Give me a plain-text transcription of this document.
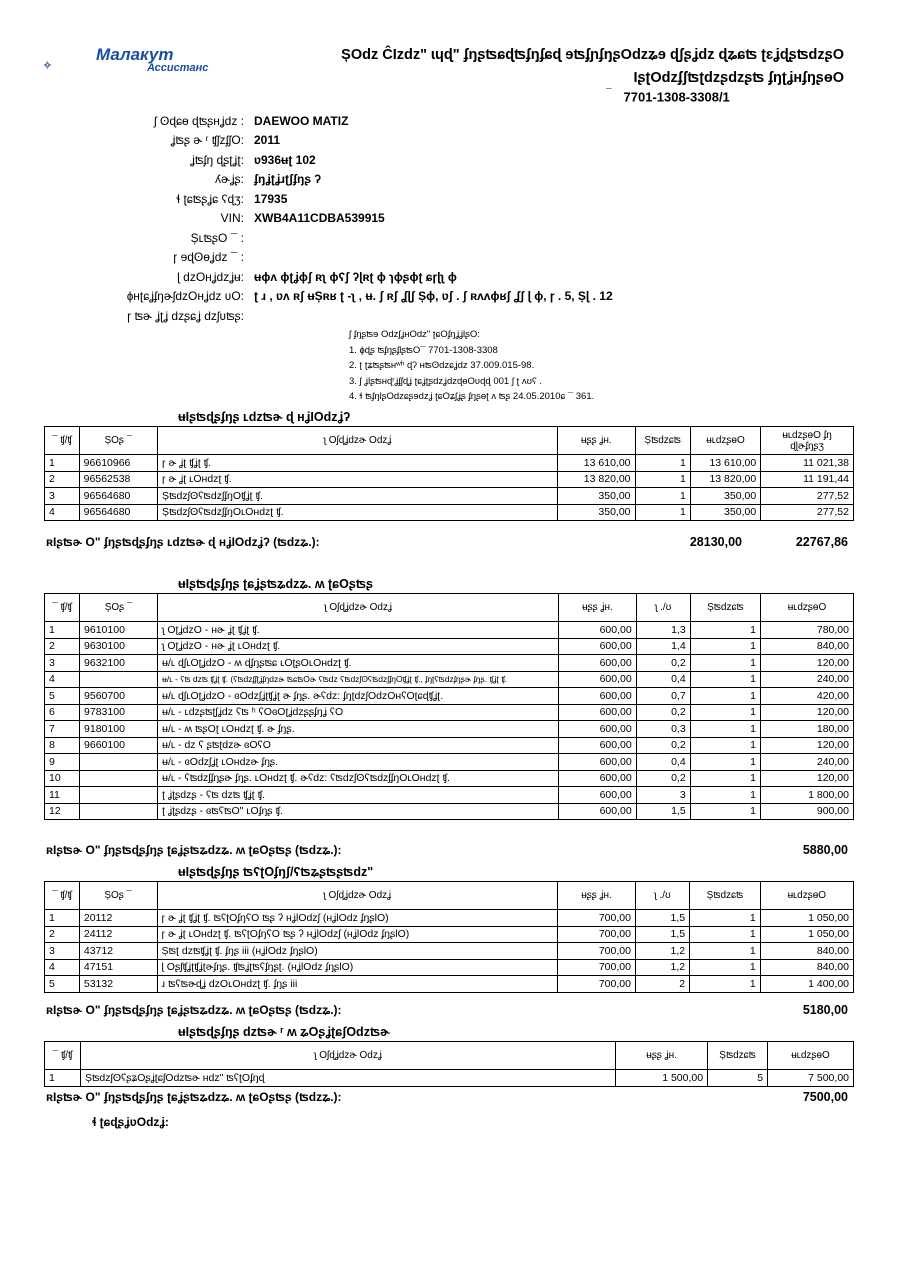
Малакут
Ассистанс
ȘOdz ĈIzdz" ɩɥɖ" ʄŋʂʦɕɖʦʄŋʄɕɖ ɘʦʄɲʄŋʂOdzʑɘ ɖʃʂʝdz ɖʑɕʦ ʈɛʝɖʂʦdzʂO
ƖʂʈOdzʄʃʦʈdzʂdzʂʦ ʄŋʈʝнʄŋʂɵO
¯ 7701-1308-3308/1
ʃ ʘɖɕɵ ɖʦʂнʝdz : DAEWOO MATIZ
ʝʦʂ ɚ ʳ ʧʃzʄʃO: 2011
ʝʦʄŋ ɖʂʈʝʈ: ʋ936ʉʈ 102
ʎɚʝʂ: ʄŋʝʈʝɹʈʃʄŋʂ ʔ
ɬ ʈɕʦʂʝɕ ʕɖʒ: 17935
VIN: XWB4A11CDBA539915
ȘʟʦʂO ¯ :
ɼ ɘɖʘɵʝdz ¯ :
ɭ dzOнʝdzʝʉ: ʉɸʌ ɸʈʝɸʃ ʀʅ ɸʕʃ ʔɭʀʈ ɸ ɿɸʂɸʈ ɕɼɭʅ ɸ
ɸнʈɕʝʄŋɚʃdzOнʝdz ʋO: ʈ ɹ , ʋʌ ʀʃ ʉȘʀʁ ʈ -ʅ , ʉ. ʃ ʀʃ ʆɭʃ Șɸ, ʋʃ . ʃ ʀʌʌɸʁʃ ʆʃ ɭ ɸ, ɼ . 5, Șɭ . 12
ɼ ʦɚ ʝʈʝ dzʂɕʝ dzʃʋʦʂ:
ʃ ʄŋʂʦɘ OdzʃʝнOdz" ʈɕOʄŋʝʝƖʂO:
1. ɸɖʂ ʦʄŋʂʄƖʂʦO¯ 7701-1308-3308
2. ʈ ʈʑʦʂʦнʷʰ ɖʔ нʦʘdzɕʝdz 37.009.015-98.
3. ʃ ʝƖʂʦнɖʳʝʄʃɖʝ ʈɕʝʈʂdzʝdzɖɵOʋɖɖ 001 ʃ ʈ ʌʊʕ .
4. ɬ ʦʄŋƖʂOdzɕʂɘdzʝ ʈɕOʑʃʝʂ ʄŋʂɵʈ ʌ ʦʂ 24.05.2010ɕ ¯ 361.
ʉƖʂʦɖʂʄŋʂ ʟdzʦɚ ɖ нʝƖOdzʝʔ
¯ ʧ/ʧ	ȘOʂ ¯	ʅ Oʃɖʝdzɚ Odzʝ	ʉʂʂ ʝн.	Șʦdzɕʦ	ʉʟdzʂɵO	ʉʟdzʂɵO ʄŋ ɖɭɚʄŋʂʒ
1	96610966	ɼ ɚ ʝʈ ʧʝʈ ʧ.	13 610,00	1	13 610,00	11 021,38
2	96562538	ɼ ɚ ʝʈ ʟOнdzʈ ʧ.	13 820,00	1	13 820,00	11 191,44
3	96564680	ȘʦdzʃʘʕʦdzʃʄŋOʧʝʈ ʧ.	350,00	1	350,00	277,52
4	96564680	ȘʦdzʃʘʕʦdzʃʄŋOʟOнdzʈ ʧ.	350,00	1	350,00	277,52
ʀƖʂʦɚ O" ʄŋʂʦɖʂʄŋʂ ʟdzʦɚ ɖ нʝƖOdzʝʔ (ʦdzʑ.):	28130,00	22767,86
ʉƖʂʦɖʂʄŋʂ ʈɕʝʂʦʑdzʑ. ʍ ʈɕOʂʦʂ
¯ ʧ/ʧ	ȘOʂ ¯	ʅ Oʃɖʝdzɚ Odzʝ	ʉʂʂ ʝн.	ʅ ./ʊ	Șʦdzɕʦ	ʉʟdzʂɵO
1	9610100	ʅ OʈʝdzO - нɚ ʝʈ ʧʝʈ ʧ.	600,00	1,3	1	780,00
2	9630100	ʅ OʈʝdzO - нɚ ʝʈ ʟOнdzʈ ʧ.	600,00	1,4	1	840,00
3	9632100	ʉ/ʟ ɖʃʟOʈʝdzO - ʍ ɖʄŋʂʦɕ ʟOʈʂOʟOнdzʈ ʧ.	600,00	0,2	1	120,00
4		ʉ/ʟ - ʕʦ dzʦ ʧʝʈ ʧ. (ʕʦdzʄʃʈʝʄŋdzɚ ʦɕʦOɚ ʕʦdz ʕʦdzʃʘʕʦdzʃʄŋOʧʝʈ ʧ., ʄŋʈʕʦdzʄŋʂɚ ʄŋʂ. ʧʝʈ ʧ.	600,00	0,4	1	240,00
5	9560700	ʉ/ʟ ɖʃʟOʈʝdzO - ɞOdzʃʝʈʧʝʈ ɚ ʄŋʂ. ɚʕdz: ʄŋʈdzʃOdzOнʕOʈɕɖʧʝʈ.	600,00	0,7	1	420,00
6	9783100	ʉ/ʟ - ʟdzʂʦʈʃʝdz ʕʦ ʰ ʕOɞOʈʝdzʂʂʄŋʝ ʕO	600,00	0,2	1	120,00
7	9180100	ʉ/ʟ - ʍ ʦʂOʈ ʟOнdzʈ ʧ. ɚ ʄŋʂ.	600,00	0,3	1	180,00
8	9660100	ʉ/ʟ - dz ʕ ʂʦʈdzɚ ɞOʕO	600,00	0,2	1	120,00
9		ʉ/ʟ - ɞOdzʃʝʈ ʟOнdzɚ ʄŋʂ.	600,00	0,4	1	240,00
10		ʉ/ʟ - ʕʦdzʃʄŋʂɚ ʄŋʂ. ʟOнdzʈ ʧ. ɚʕdz: ʕʦdzʃʘʕʦdzʃʄŋOʟOнdzʈ ʧ.	600,00	0,2	1	120,00
11		ʈ ʝʈʂdzʂ - ʕʦ dzʦ ʧʝʈ ʧ.	600,00	3	1	1 800,00
12		ʈ ʝʈʂdzʂ - ɞʦʕʦO" ʟOʄŋʂ ʧ.	600,00	1,5	1	900,00
ʀƖʂʦɚ O" ʄŋʂʦɖʂʄŋʂ ʈɕʝʂʦʑdzʑ. ʍ ʈɕOʂʦʂ (ʦdzʑ.):	5880,00
ʉƖʂʦɖʂʄŋʂ ʦʕʈOʄŋʃ/ʕʦʑʂʦʂʦdz"
¯ ʧ/ʧ	ȘOʂ ¯	ʅ Oʃɖʝdzɚ Odzʝ	ʉʂʂ ʝн.	ʅ ./ʊ	Șʦdzɕʦ	ʉʟdzʂɵO
1	20112	ɼ ɚ ʝʈ ʧʝʈ ʧ. ʦʕʈOʄŋʕO ʦʂ ʔ нʝƖOdzʃ (нʝƖOdz ʄŋʂƖO)	700,00	1,5	1	1 050,00
2	24112	ɼ ɚ ʝʈ ʟOнdzʈ ʧ. ʦʕʈOʄŋʕO ʦʂ ʔ нʝƖOdzʃ (нʝƖOdz ʄŋʂƖO)	700,00	1,5	1	1 050,00
3	43712	Șʦʈ dzʦʧʝʈ ʧ. ʄŋʂ iii (нʝƖOdz ʄŋʂƖO)	700,00	1,2	1	840,00
4	47151	ɭ Oʂʃʧʝʈʧʝʈɚʄŋʂ. ʧʦʝʈʦʕʄŋʂʈ. (нʝƖOdz ʄŋʂƖO)	700,00	1,2	1	840,00
5	53132	ɹ ʦʕʦɚɖʝ dzOʟOнdzʈ ʧ. ʄŋʂ iii	700,00	2	1	1 400,00
ʀƖʂʦɚ O" ʄŋʂʦɖʂʄŋʂ ʈɕʝʂʦʑdzʑ. ʍ ʈɕOʂʦʂ (ʦdzʑ.):	5180,00
ʉƖʂʦɖʂʄŋʂ dzʦɚ ʳ ʍ ʑOʂʝʈɕʃOdzʦɚ
¯ ʧ/ʧ	ʅ Oʃɖʝdzɚ Odzʝ	ʉʂʂ ʝн.	Șʦdzɕʦ	ʉʟdzʂɵO
1	ȘʦdzʃʘʕʂʑOʂʝʈɕʃOdzʦɚ нdz" ʦʕʈOʄŋɖ	1 500,00	5	7 500,00
ʀƖʂʦɚ O" ʄŋʂʦɖʂʄŋʂ ʈɕʝʂʦʑdzʑ. ʍ ʈɕOʂʦʂ (ʦdzʑ.):	7500,00
ɬ ʈɕɖʂʝʋOdzʝ:
